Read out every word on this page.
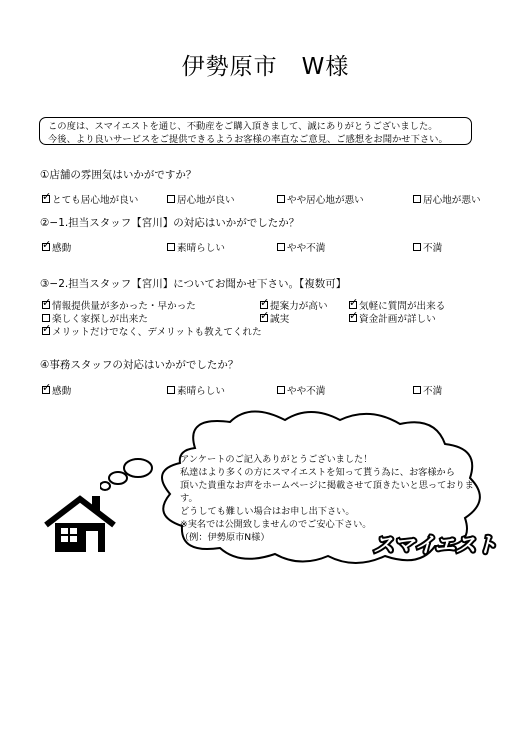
伊勢原市　W様
この度は、スマイエストを通じ、不動産をご購入頂きまして、誠にありがとうございました。
今後、より良いサービスをご提供できるようお客様の率直なご意見、ご感想をお聞かせ下さい。
①店舗の雰囲気はいかがですか？
✓
とても居心地が良い	居心地が良い	やや居心地が悪い	居心地が悪い
②−1.担当スタッフ【宮川】の対応はいかがでしたか？
✓
感動	素晴らしい	やや不満	不満
③−2.担当スタッフ【宮川】についてお聞かせ下さい。【複数可】
✓
情報提供量が多かった・早かった ✓	提案力が高い ✓	気軽に質問が出来る
楽しく家探しが出来た ✓	誠実 ✓	資金計画が詳しい
✓
メリットだけでなく、デメリットも教えてくれた
④事務スタッフの対応はいかがでしたか？
✓
感動	素晴らしい	やや不満	不満
アンケートのご記入ありがとうございました！
私達はより多くの方にスマイエストを知って貰う為に、お客様から
頂いた貴重なお声をホームページに掲載させて頂きたいと思っておりま
す。
どうしても難しい場合はお申し出下さい。
※実名では公開致しませんのでご安心下さい。
（例：伊勢原市N様）	スマイエスト
